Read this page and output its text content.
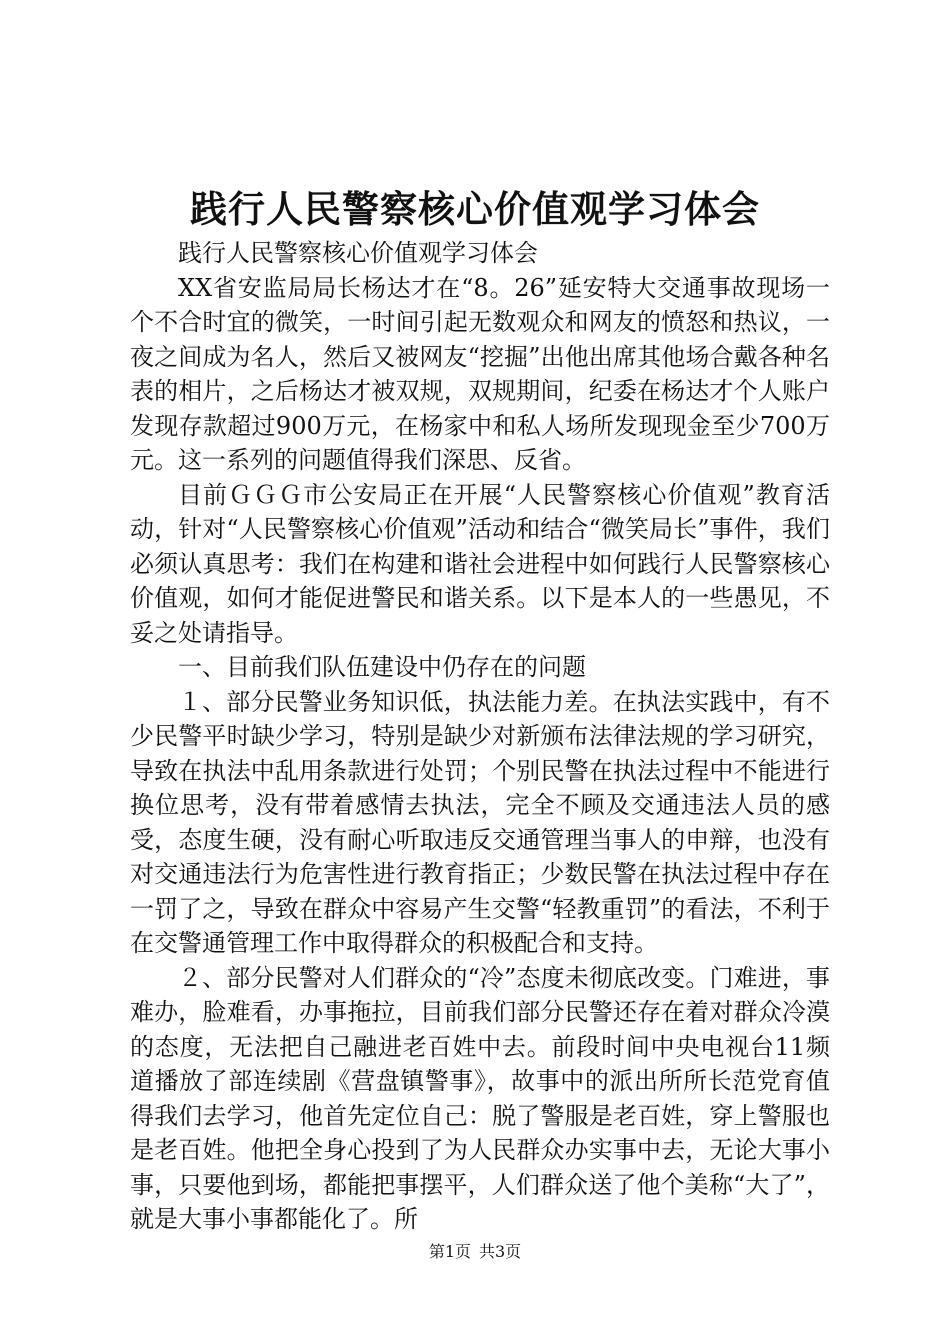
践行人民警察核心价值观学习体会

践行人民警察核心价值观学习体会

XX省安监局局长杨达才在“8。26”延安特大交通事故现场一个不合时宜的微笑，一时间引起无数观众和网友的愤怒和热议，一夜之间成为名人，然后又被网友“挖掘”出他出席其他场合戴各种名表的相片，之后杨达才被双规，双规期间，纪委在杨达才个人账户发现存款超过900万元，在杨家中和私人场所发现现金至少700万元。这一系列的问题值得我们深思、反省。

目前ＧＧＧ市公安局正在开展“人民警察核心价值观”教育活动，针对“人民警察核心价值观”活动和结合“微笑局长”事件，我们必须认真思考：我们在构建和谐社会进程中如何践行人民警察核心价值观，如何才能促进警民和谐关系。以下是本人的一些愚见，不妥之处请指导。

一、目前我们队伍建设中仍存在的问题

１、部分民警业务知识低，执法能力差。在执法实践中，有不少民警平时缺少学习，特别是缺少对新颁布法律法规的学习研究，导致在执法中乱用条款进行处罚；个别民警在执法过程中不能进行换位思考，没有带着感情去执法，完全不顾及交通违法人员的感受，态度生硬，没有耐心听取违反交通管理当事人的申辩，也没有对交通违法行为危害性进行教育指正；少数民警在执法过程中存在一罚了之，导致在群众中容易产生交警“轻教重罚”的看法，不利于在交警通管理工作中取得群众的积极配合和支持。

２、部分民警对人们群众的“冷”态度未彻底改变。门难进，事难办，脸难看，办事拖拉，目前我们部分民警还存在着对群众冷漠的态度，无法把自己融进老百姓中去。前段时间中央电视台11频道播放了部连续剧《营盘镇警事》，故事中的派出所所长范党育值得我们去学习，他首先定位自己：脱了警服是老百姓，穿上警服也是老百姓。他把全身心投到了为人民群众办实事中去，无论大事小事，只要他到场，都能把事摆平，人们群众送了他个美称“大了”，就是大事小事都能化了。所

第1页 共3页
